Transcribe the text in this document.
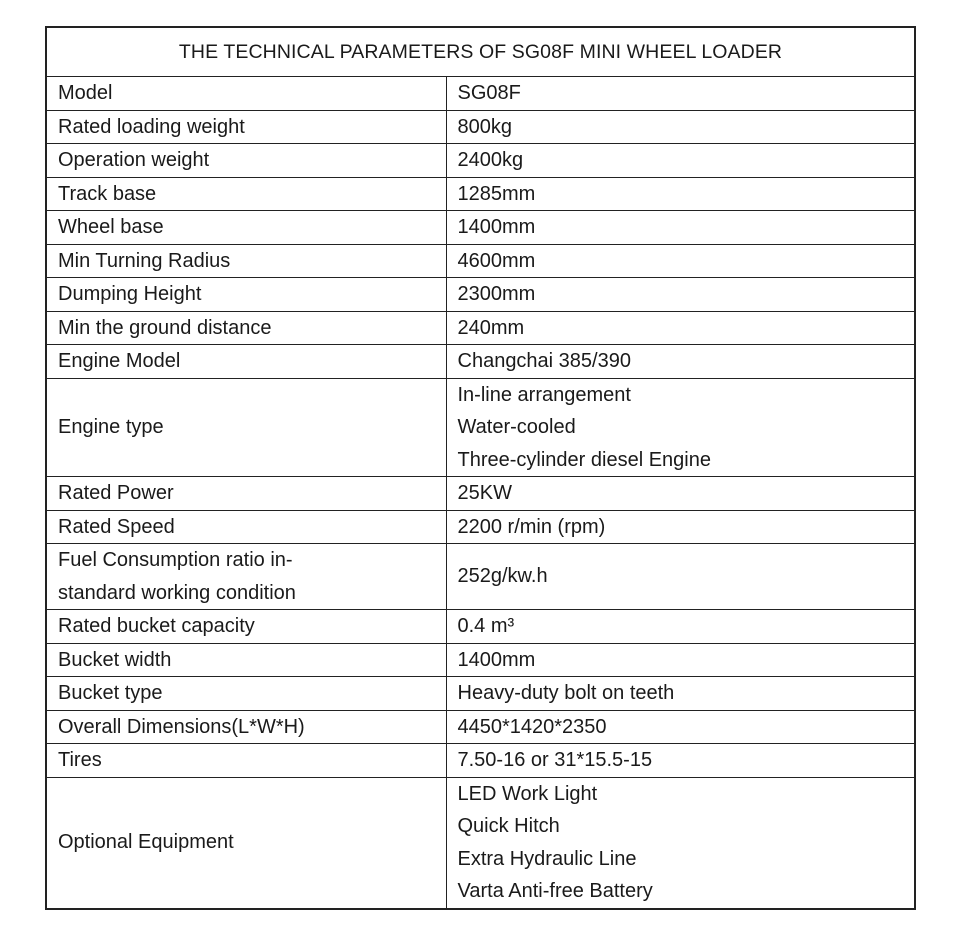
THE TECHNICAL PARAMETERS OF SG08F MINI WHEEL LOADER	

Model	SG08F

Rated loading weight	800kg

Operation weight	2400kg

Track base	1285mm

Wheel base	1400mm

Min Turning Radius	4600mm

Dumping Height	2300mm

Min the ground distance	240mm

Engine Model	Changchai 385/390

Engine type	In-line arrangement
Water-cooled
Three-cylinder diesel Engine

Rated Power	25KW

Rated Speed	2200 r/min (rpm)

Fuel Consumption ratio in-
standard working condition	252g/kw.h

Rated bucket capacity	0.4 m³

Bucket width	1400mm

Bucket type	Heavy-duty bolt on teeth

Overall Dimensions(L*W*H)	4450*1420*2350

Tires	7.50-16 or 31*15.5-15

Optional Equipment	LED Work Light
Quick Hitch
Extra Hydraulic Line
Varta Anti-free Battery
